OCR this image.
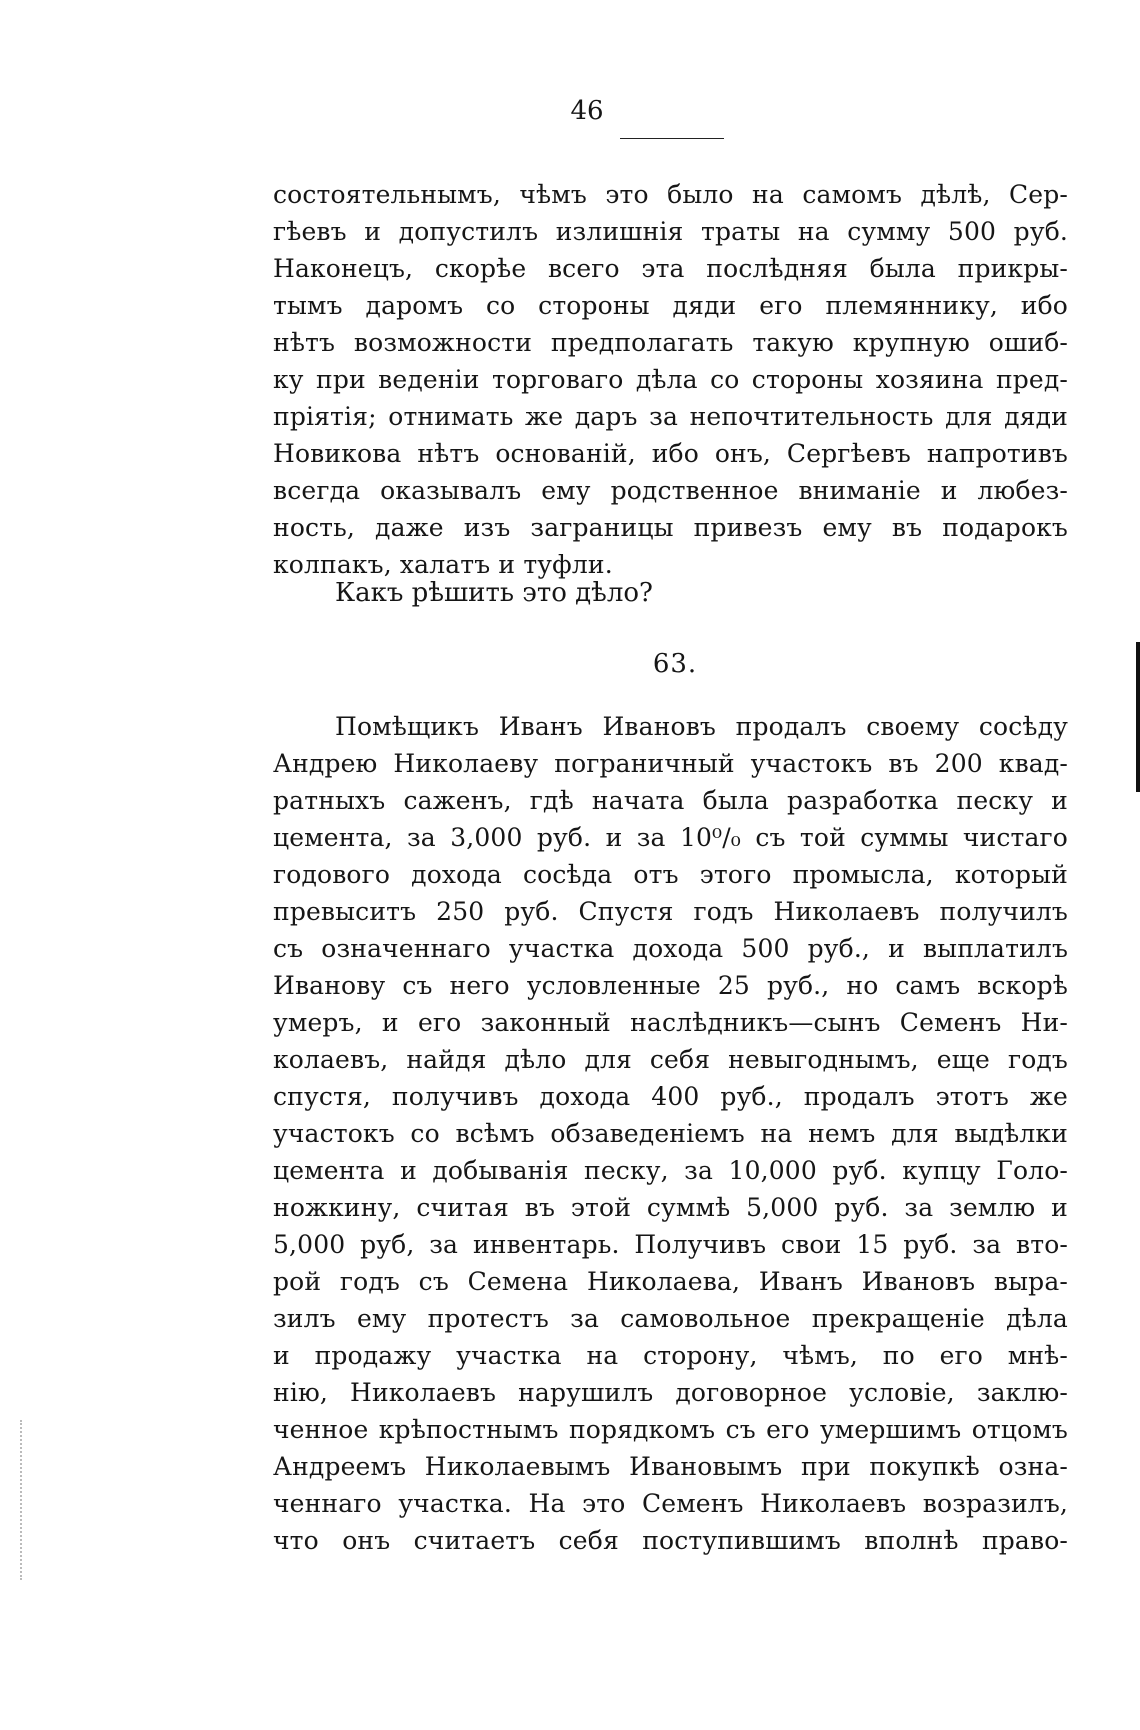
46
состоятельнымъ, чѣмъ это было на самомъ дѣлѣ, Сер-
гѣевъ и допустилъ излишнія траты на сумму 500 руб.
Наконецъ, скорѣе всего эта послѣдняя была прикры-
тымъ даромъ со стороны дяди его племяннику, ибо
нѣтъ возможности предполагать такую крупную ошиб-
ку при веденіи торговаго дѣла со стороны хозяина пред-
пріятія; отнимать же даръ за непочтительность для дяди
Новикова нѣтъ основаній, ибо онъ, Сергѣевъ напротивъ
всегда оказывалъ ему родственное вниманіе и любез-
ность, даже изъ заграницы привезъ ему въ подарокъ
колпакъ, халатъ и туфли.
Какъ рѣшить это дѣло?
63.
Помѣщикъ Иванъ Ивановъ продалъ своему сосѣду
Андрею Николаеву пограничный участокъ въ 200 квад-
ратныхъ саженъ, гдѣ начата была разработка песку и
цемента, за 3,000 руб. и за 10⁰/₀ съ той суммы чистаго
годового дохода сосѣда отъ этого промысла, который
превыситъ 250 руб. Спустя годъ Николаевъ получилъ
съ означеннаго участка дохода 500 руб., и выплатилъ
Иванову съ него условленные 25 руб., но самъ вскорѣ
умеръ, и его законный наслѣдникъ—сынъ Семенъ Ни-
колаевъ, найдя дѣло для себя невыгоднымъ, еще годъ
спустя, получивъ дохода 400 руб., продалъ этотъ же
участокъ со всѣмъ обзаведеніемъ на немъ для выдѣлки
цемента и добыванія песку, за 10,000 руб. купцу Голо-
ножкину, считая въ этой суммѣ 5,000 руб. за землю и
5,000 руб, за инвентарь. Получивъ свои 15 руб. за вто-
рой годъ съ Семена Николаева, Иванъ Ивановъ выра-
зилъ ему протестъ за самовольное прекращеніе дѣла
и продажу участка на сторону, чѣмъ, по его мнѣ-
нію, Николаевъ нарушилъ договорное условіе, заклю-
ченное крѣпостнымъ порядкомъ съ его умершимъ отцомъ
Андреемъ Николаевымъ Ивановымъ при покупкѣ озна-
ченнаго участка. На это Семенъ Николаевъ возразилъ,
что онъ считаетъ себя поступившимъ вполнѣ право-
